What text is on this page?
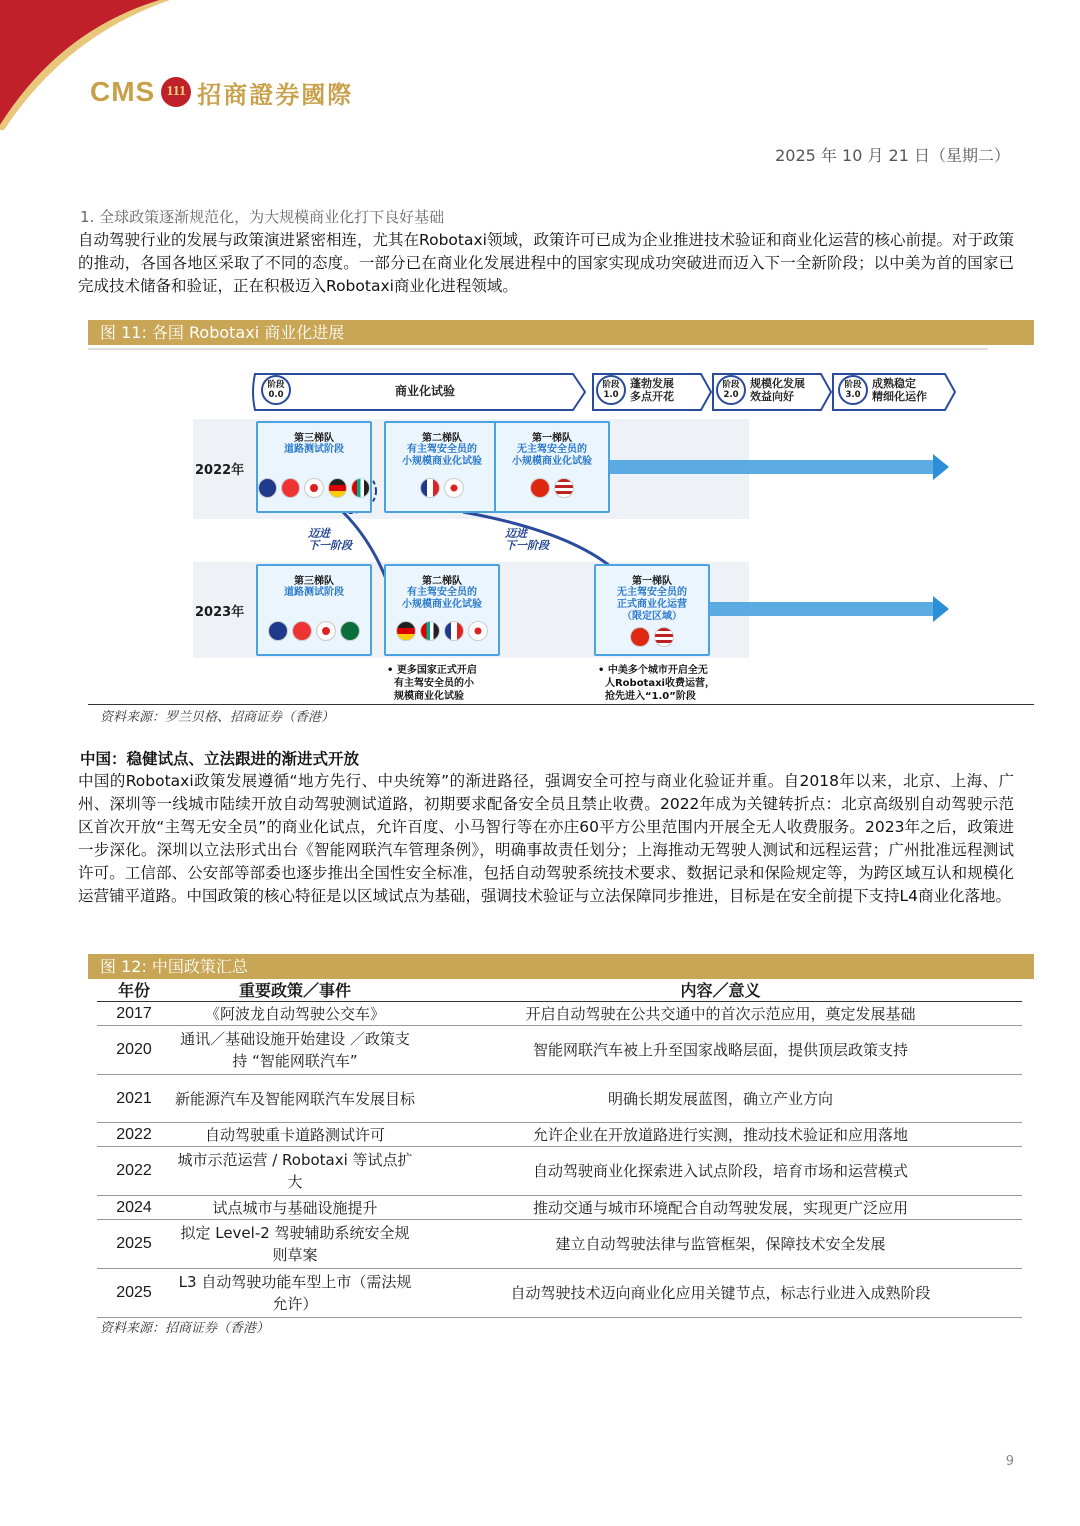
CMS 111 招商證券國際
2025 年 10 月 21 日（星期二）
1. 全球政策逐渐规范化，为大规模商业化打下良好基础

自动驾驶行业的发展与政策演进紧密相连，尤其在Robotaxi领域，政策许可已成为企业推进技术验证和商业化运营的核心前提。对于政策的推动，各国各地区采取了不同的态度。一部分已在商业化发展进程中的国家实现成功突破进而迈入下一全新阶段；以中美为首的国家已完成技术储备和验证，正在积极迈入Robotaxi商业化进程领域。

图 11: 各国 Robotaxi 商业化进展
阶段
0.0	商业化试验	阶段
1.0
蓬勃发展
多点开花
阶段
2.0
规模化发展
效益向好
阶段
3.0
成熟稳定
精细化运作
2022年
2023年
第三梯队
道路测试阶段
第二梯队
有主驾安全员的
小规模商业化试验
第一梯队
无主驾安全员的
小规模商业化试验
第三梯队
道路测试阶段
第二梯队
有主驾安全员的
小规模商业化试验
第一梯队
无主驾安全员的
正式商业化运营
（限定区域）
迈进
下一阶段
迈进
下一阶段
• 更多国家正式开启
有主驾安全员的小
规模商业化试验
• 中美多个城市开启全无
人Robotaxi收费运营，
抢先进入“1.0”阶段
资料来源：罗兰贝格、招商证券（香港）
中国：稳健试点、立法跟进的渐进式开放

中国的Robotaxi政策发展遵循“地方先行、中央统筹”的渐进路径，强调安全可控与商业化验证并重。自2018年以来，北京、上海、广州、深圳等一线城市陆续开放自动驾驶测试道路，初期要求配备安全员且禁止收费。2022年成为关键转折点：北京高级别自动驾驶示范区首次开放“主驾无安全员”的商业化试点，允许百度、小马智行等在亦庄60平方公里范围内开展全无人收费服务。2023年之后，政策进一步深化。深圳以立法形式出台《智能网联汽车管理条例》，明确事故责任划分；上海推动无驾驶人测试和远程运营；广州批准远程测试许可。工信部、公安部等部委也逐步推出全国性安全标准，包括自动驾驶系统技术要求、数据记录和保险规定等，为跨区域互认和规模化运营铺平道路。中国政策的核心特征是以区域试点为基础，强调技术验证与立法保障同步推进，目标是在安全前提下支持L4商业化落地。

图 12: 中国政策汇总
年份	重要政策／事件	内容／意义
2017	《阿波龙自动驾驶公交车》	开启自动驾驶在公共交通中的首次示范应用，奠定发展基础
2020	通讯／基础设施开始建设 ／政策支持 “智能网联汽车”	智能网联汽车被上升至国家战略层面，提供顶层政策支持
2021	新能源汽车及智能网联汽车发展目标	明确长期发展蓝图，确立产业方向
2022	自动驾驶重卡道路测试许可	允许企业在开放道路进行实测，推动技术验证和应用落地
2022	城市示范运营 / Robotaxi 等试点扩大	自动驾驶商业化探索进入试点阶段，培育市场和运营模式
2024	试点城市与基础设施提升	推动交通与城市环境配合自动驾驶发展，实现更广泛应用
2025	拟定 Level-2 驾驶辅助系统安全规则草案	建立自动驾驶法律与监管框架，保障技术安全发展
2025	L3 自动驾驶功能车型上市（需法规允许）	自动驾驶技术迈向商业化应用关键节点，标志行业进入成熟阶段
资料来源：招商证券（香港）
9
